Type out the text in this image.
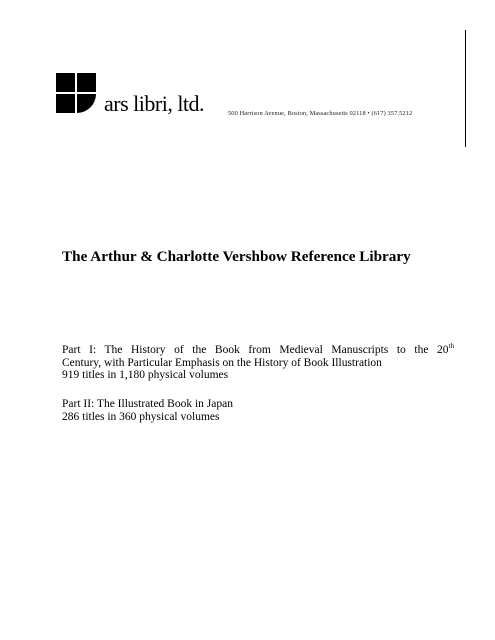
ars libri, ltd.	500 Harrison Avenue, Boston, Massachusetts 02118 • (617) 357.5212
The Arthur & Charlotte Vershbow Reference Library
Part I: The History of the Book from Medieval Manuscripts to the 20th
Century, with Particular Emphasis on the History of Book Illustration
919 titles in 1,180 physical volumes
Part II: The Illustrated Book in Japan
286 titles in 360 physical volumes
